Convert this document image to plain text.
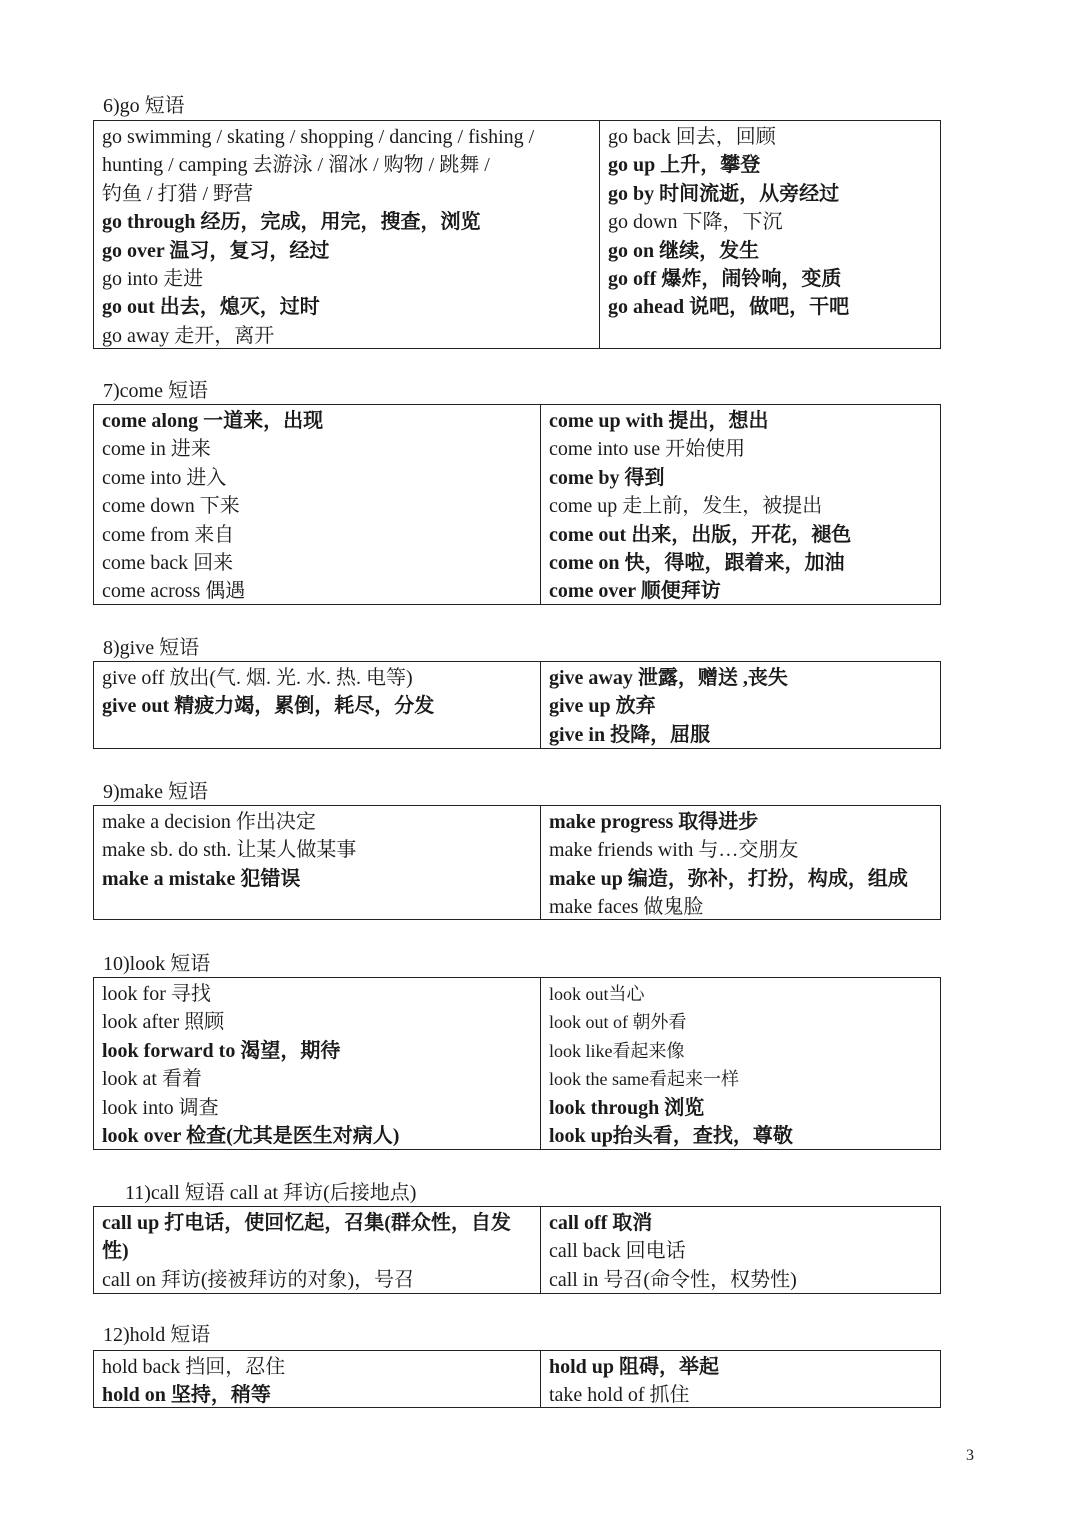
6)go 短语
go swimming / skating / shopping / dancing / fishing /
hunting / camping 去游泳 / 溜冰 / 购物 / 跳舞 /
钓鱼 / 打猎 / 野营
go through 经历，完成，用完，搜查，浏览
go over 温习，复习，经过
go into 走进
go out 出去，熄灭，过时
go away 走开，离开
go back 回去，回顾
go up 上升，攀登
go by 时间流逝，从旁经过
go down 下降，下沉
go on 继续，发生
go off 爆炸，闹铃响，变质
go ahead 说吧，做吧，干吧
7)come 短语
come along 一道来，出现
come in 进来
come into 进入
come down 下来
come from 来自
come back 回来
come across 偶遇
come up with 提出，想出
come into use 开始使用
come by 得到
come up 走上前，发生，被提出
come out 出来，出版，开花，褪色
come on 快，得啦，跟着来，加油
come over 顺便拜访
8)give 短语
give off 放出(气. 烟. 光. 水. 热. 电等)
give out 精疲力竭，累倒，耗尽，分发
give away 泄露，赠送 ,丧失
give up 放弃
give in 投降，屈服
9)make 短语
make a decision 作出决定
make sb. do sth. 让某人做某事
make a mistake 犯错误
make progress 取得进步
make friends with 与…交朋友
make up 编造，弥补，打扮，构成，组成
make faces 做鬼脸
10)look 短语
look for 寻找
look after 照顾
look forward to 渴望，期待
look at 看着
look into 调查
look over 检查(尤其是医生对病人)
look out当心
look out of 朝外看
look like看起来像
look the same看起来一样
look through 浏览
look up抬头看，查找，尊敬
11)call 短语 call at 拜访(后接地点)
call up 打电话，使回忆起，召集(群众性，自发性)
call on 拜访(接被拜访的对象)，号召
call off 取消
call back 回电话
call in 号召(命令性，权势性)
12)hold 短语
hold back 挡回，忍住
hold on 坚持，稍等
hold up 阻碍，举起
take hold of 抓住
3
